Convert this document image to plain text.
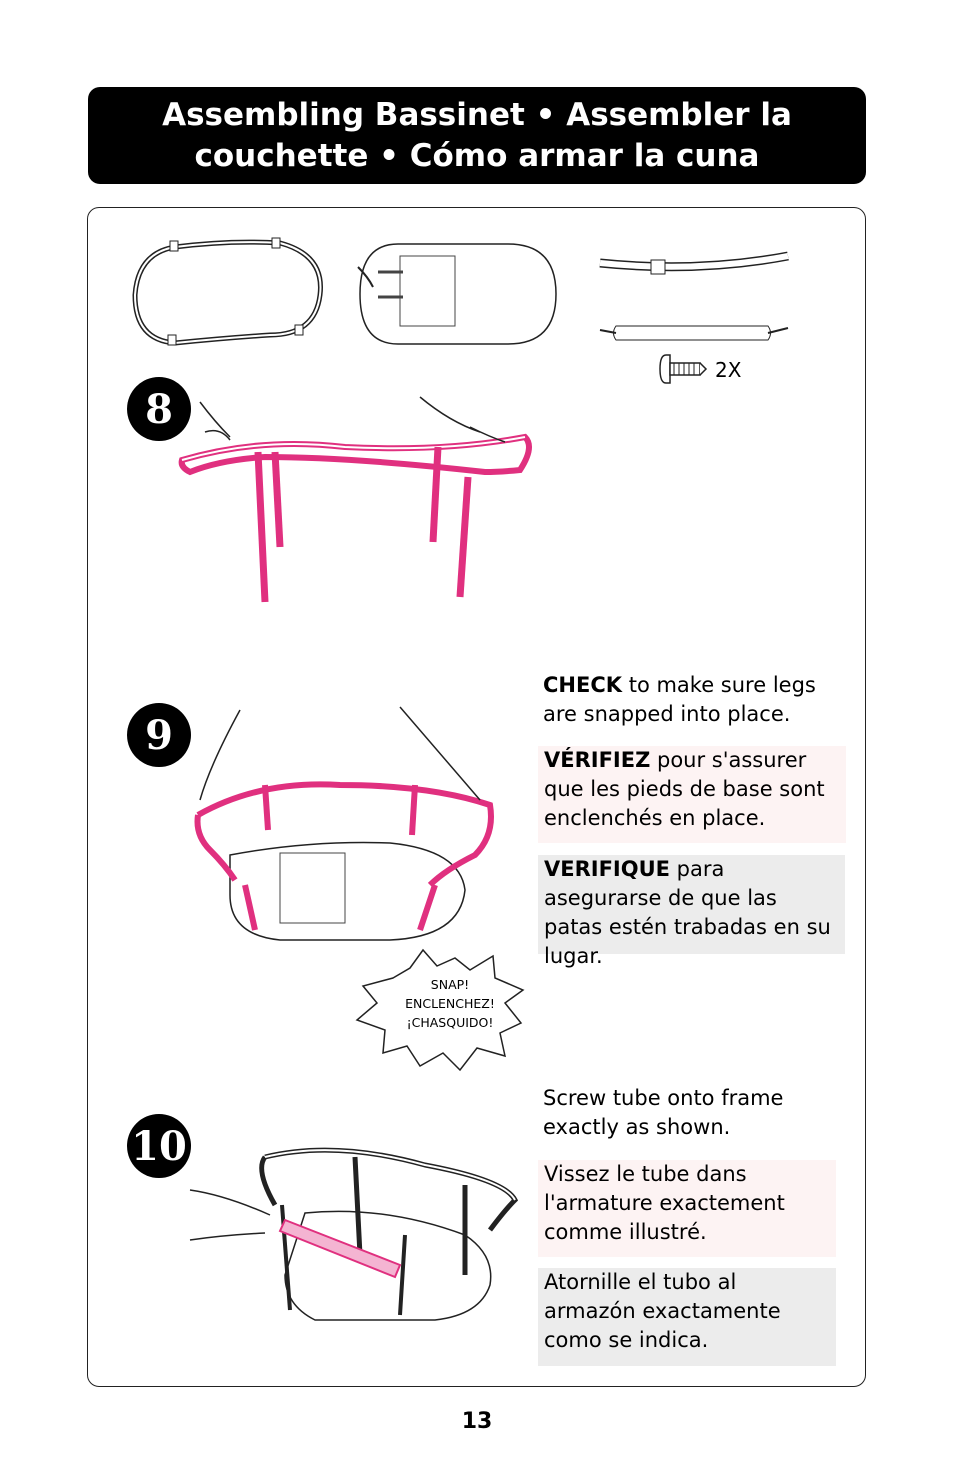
Assembling Bassinet • Assembler la
couchette • Cómo armar la cuna
2X
8
9
SNAP!
ENCLENCHEZ!
¡CHASQUIDO!
CHECK to make sure legs are snapped into place.
VÉRIFIEZ pour s'assurer que les pieds de base sont enclenchés en place.
VERIFIQUE para asegurarse de que las patas estén trabadas en su lugar.
10
Screw tube onto frame exactly as shown.
Vissez le tube dans l'armature exactement comme illustré.
Atornille el tubo al armazón exactamente como se indica.
13
